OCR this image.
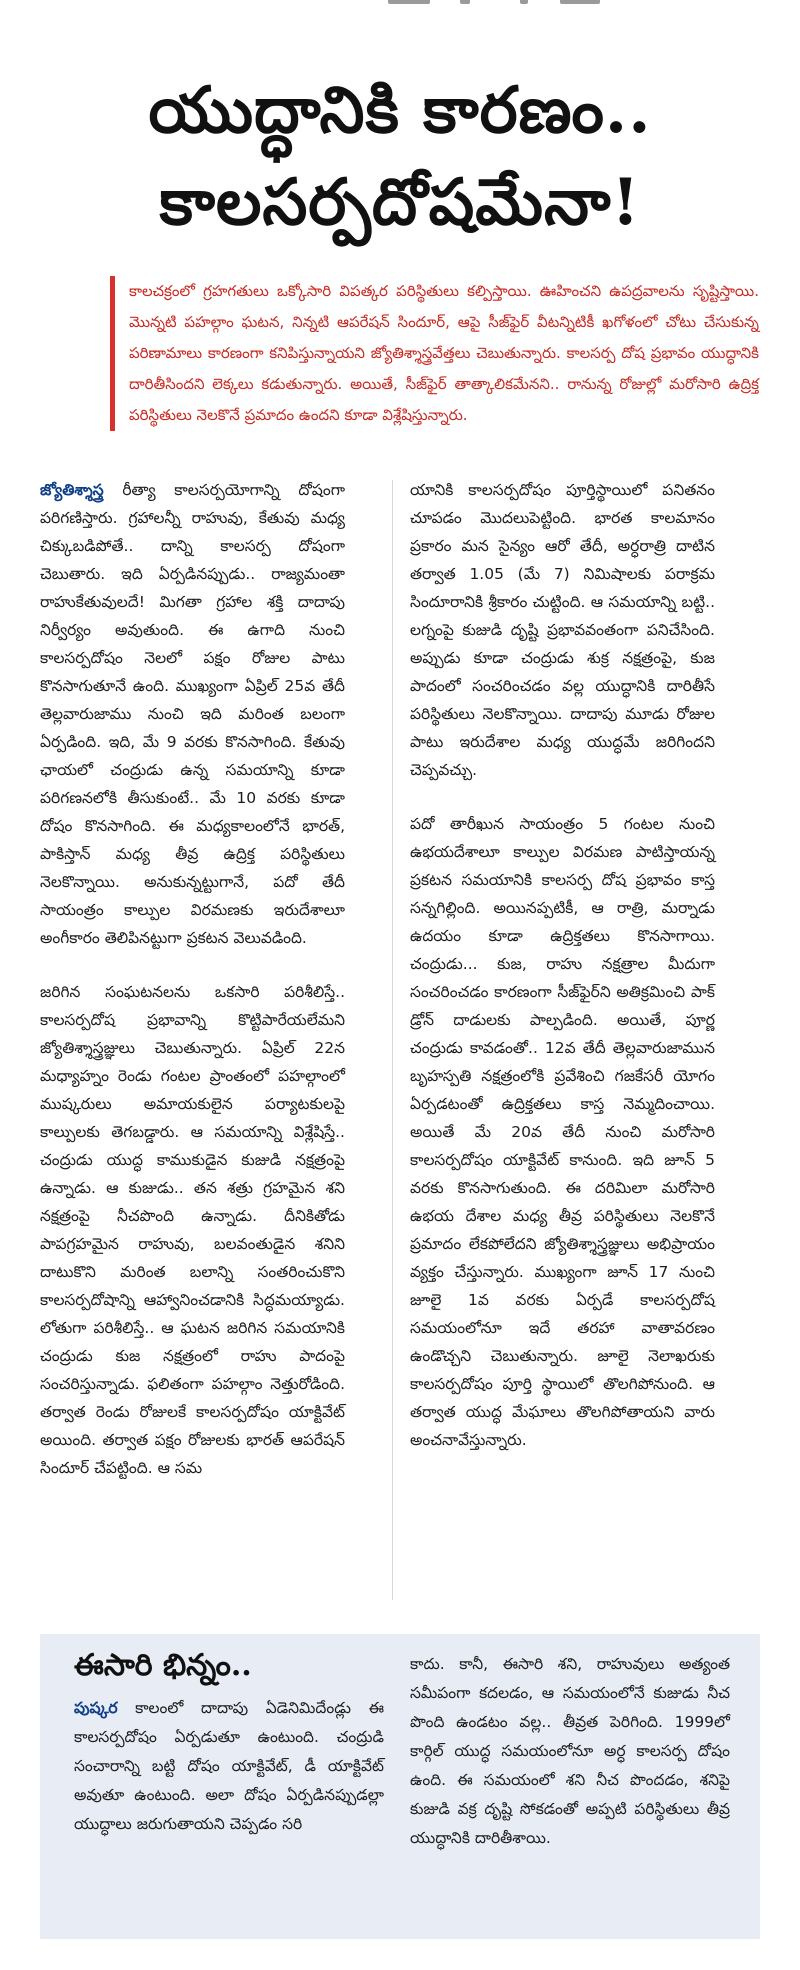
యుద్ధానికి కారణం..
కాలసర్పదోషమేనా!
కాలచక్రంలో గ్రహగతులు ఒక్కోసారి విపత్కర పరిస్థితులు కల్పిస్తాయి. ఊహించని ఉపద్రవాలను సృష్టిస్తాయి. మొన్నటి పహల్గాం ఘటన, నిన్నటి ఆపరేషన్ సిందూర్, ఆపై సీజ్‌ఫైర్ వీటన్నిటికీ ఖగోళంలో చోటు చేసుకున్న పరిణామాలు కారణంగా కనిపిస్తున్నాయని జ్యోతిశ్శాస్త్రవేత్తలు చెబుతున్నారు. కాలసర్ప దోష ప్రభావం యుద్ధానికి దారితీసిందని లెక్కలు కడుతున్నారు. అయితే, సీజ్‌ఫైర్ తాత్కాలికమేనని.. రానున్న రోజుల్లో మరోసారి ఉద్రిక్త పరిస్థితులు నెలకొనే ప్రమాదం ఉందని కూడా విశ్లేషిస్తున్నారు.

జ్యోతిశ్శాస్త్ర రీత్యా కాలసర్పయోగాన్ని దోషంగా పరిగణిస్తారు. గ్రహాలన్నీ రాహువు, కేతువు మధ్య చిక్కుబడిపోతే.. దాన్ని కాలసర్ప దోషంగా చెబుతారు. ఇది ఏర్పడినప్పుడు.. రాజ్యమంతా రాహుకేతువులదే! మిగతా గ్రహాల శక్తి దాదాపు నిర్వీర్యం అవుతుంది. ఈ ఉగాది నుంచి కాలసర్పదోషం నెలలో పక్షం రోజుల పాటు కొనసాగుతూనే ఉంది. ముఖ్యంగా ఏప్రిల్ 25వ తేదీ తెల్లవారుజాము నుంచి ఇది మరింత బలంగా ఏర్పడింది. ఇది, మే 9 వరకు కొనసాగింది. కేతువు ఛాయలో చంద్రుడు ఉన్న సమయాన్ని కూడా పరిగణనలోకి తీసుకుంటే.. మే 10 వరకు కూడా దోషం కొనసాగింది. ఈ మధ్యకాలంలోనే భారత్, పాకిస్తాన్ మధ్య తీవ్ర ఉద్రిక్త పరిస్థితులు నెలకొన్నాయి. అనుకున్నట్టుగానే, పదో తేదీ సాయంత్రం కాల్పుల విరమణకు ఇరుదేశాలూ అంగీకారం తెలిపినట్టుగా ప్రకటన వెలువడింది.

జరిగిన సంఘటనలను ఒకసారి పరిశీలిస్తే.. కాలసర్పదోష ప్రభావాన్ని కొట్టిపారేయలేమని జ్యోతిశ్శాస్త్రజ్ఞులు చెబుతున్నారు. ఏప్రిల్ 22న మధ్యాహ్నం రెండు గంటల ప్రాంతంలో పహల్గాంలో ముష్కరులు అమాయకులైన పర్యాటకులపై కాల్పులకు తెగబడ్డారు. ఆ సమయాన్ని విశ్లేషిస్తే.. చంద్రుడు యుద్ధ కాముకుడైన కుజుడి నక్షత్రంపై ఉన్నాడు. ఆ కుజుడు.. తన శత్రు గ్రహమైన శని నక్షత్రంపై నీచపొంది ఉన్నాడు. దీనికితోడు పాపగ్రహమైన రాహువు, బలవంతుడైన శనిని దాటుకొని మరింత బలాన్ని సంతరించుకొని కాలసర్పదోషాన్ని ఆహ్వానించడానికి సిద్ధమయ్యాడు. లోతుగా పరిశీలిస్తే.. ఆ ఘటన జరిగిన సమయానికి చంద్రుడు కుజ నక్షత్రంలో రాహు పాదంపై సంచరిస్తున్నాడు. ఫలితంగా పహల్గాం నెత్తురోడింది. తర్వాత రెండు రోజులకే కాలసర్పదోషం యాక్టివేట్ అయింది. తర్వాత పక్షం రోజులకు భారత్ ఆపరేషన్ సిందూర్ చేపట్టింది. ఆ సమ

యానికి కాలసర్పదోషం పూర్తిస్థాయిలో పనితనం చూపడం మొదలుపెట్టింది. భారత కాలమానం ప్రకారం మన సైన్యం ఆరో తేదీ, అర్ధరాత్రి దాటిన తర్వాత 1.05 (మే 7) నిమిషాలకు పరాక్రమ సిందూరానికి శ్రీకారం చుట్టింది. ఆ సమయాన్ని బట్టి.. లగ్నంపై కుజుడి దృష్టి ప్రభావవంతంగా పనిచేసింది. అప్పుడు కూడా చంద్రుడు శుక్ర నక్షత్రంపై, కుజ పాదంలో సంచరించడం వల్ల యుద్ధానికి దారితీసే పరిస్థితులు నెలకొన్నాయి. దాదాపు మూడు రోజుల పాటు ఇరుదేశాల మధ్య యుద్ధమే జరిగిందని చెప్పవచ్చు.

పదో తారీఖున సాయంత్రం 5 గంటల నుంచి ఉభయదేశాలూ కాల్పుల విరమణ పాటిస్తాయన్న ప్రకటన సమయానికి కాలసర్ప దోష ప్రభావం కాస్త సన్నగిల్లింది. అయినప్పటికీ, ఆ రాత్రి, మర్నాడు ఉదయం కూడా ఉద్రిక్తతలు కొనసాగాయి. చంద్రుడు... కుజ, రాహు నక్షత్రాల మీదుగా సంచరించడం కారణంగా సీజ్‌ఫైర్‌ని అతిక్రమించి పాక్ డ్రోన్ దాడులకు పాల్పడింది. అయితే, పూర్ణ చంద్రుడు కావడంతో.. 12వ తేదీ తెల్లవారుజామున బృహస్పతి నక్షత్రంలోకి ప్రవేశించి గజకేసరీ యోగం ఏర్పడటంతో ఉద్రిక్తతలు కాస్త నెమ్మదించాయి. అయితే మే 20వ తేదీ నుంచి మరోసారి కాలసర్పదోషం యాక్టివేట్ కానుంది. ఇది జూన్ 5 వరకు కొనసాగుతుంది. ఈ దరిమిలా మరోసారి ఉభయ దేశాల మధ్య తీవ్ర పరిస్థితులు నెలకొనే ప్రమాదం లేకపోలేదని జ్యోతిశ్శాస్త్రజ్ఞులు అభిప్రాయం వ్యక్తం చేస్తున్నారు. ముఖ్యంగా జూన్ 17 నుంచి జూలై 1వ వరకు ఏర్పడే కాలసర్పదోష సమయంలోనూ ఇదే తరహా వాతావరణం ఉండొచ్చని చెబుతున్నారు. జూలై నెలాఖరుకు కాలసర్పదోషం పూర్తి స్థాయిలో తొలగిపోనుంది. ఆ తర్వాత యుద్ధ మేఘాలు తొలగిపోతాయని వారు అంచనావేస్తున్నారు.

ఈసారి భిన్నం..
పుష్కర కాలంలో దాదాపు ఏడెనిమిదేండ్లు ఈ కాలసర్పదోషం ఏర్పడుతూ ఉంటుంది. చంద్రుడి సంచారాన్ని బట్టి దోషం యాక్టివేట్, డీ యాక్టివేట్ అవుతూ ఉంటుంది. అలా దోషం ఏర్పడినప్పుడల్లా యుద్ధాలు జరుగుతాయని చెప్పడం సరి
కాదు. కానీ, ఈసారి శని, రాహువులు అత్యంత సమీపంగా కదలడం, ఆ సమయంలోనే కుజుడు నీచ పొంది ఉండటం వల్ల.. తీవ్రత పెరిగింది. 1999లో కార్గిల్ యుద్ధ సమయంలోనూ అర్ధ కాలసర్ప దోషం ఉంది. ఈ సమయంలో శని నీచ పొందడం, శనిపై కుజుడి వక్ర దృష్టి సోకడంతో అప్పటి పరిస్థితులు తీవ్ర యుద్ధానికి దారితీశాయి.
